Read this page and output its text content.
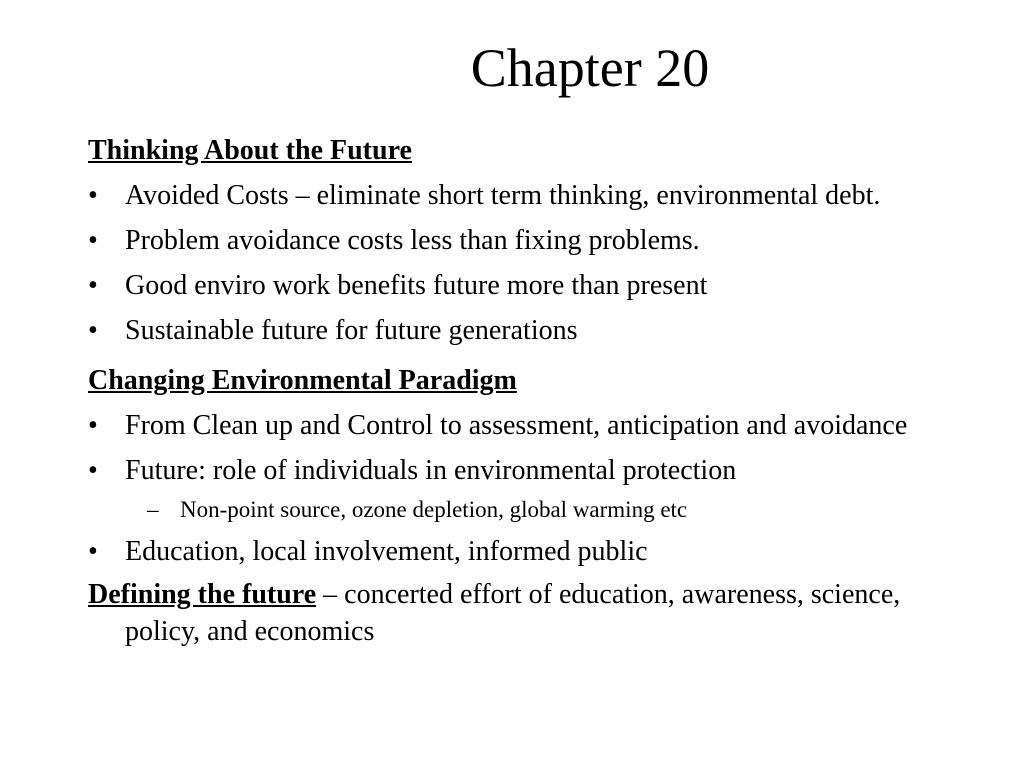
Chapter 20

Thinking About the Future

• Avoided Costs – eliminate short term thinking, environmental debt.
• Problem avoidance costs less than fixing problems.
• Good enviro work benefits future more than present
• Sustainable future for future generations

Changing Environmental Paradigm

• From Clean up and Control to assessment, anticipation and avoidance
• Future: role of individuals in environmental protection
– Non-point source, ozone depletion, global warming etc
• Education, local involvement, informed public

Defining the future – concerted effort of education, awareness, science, policy, and economics
